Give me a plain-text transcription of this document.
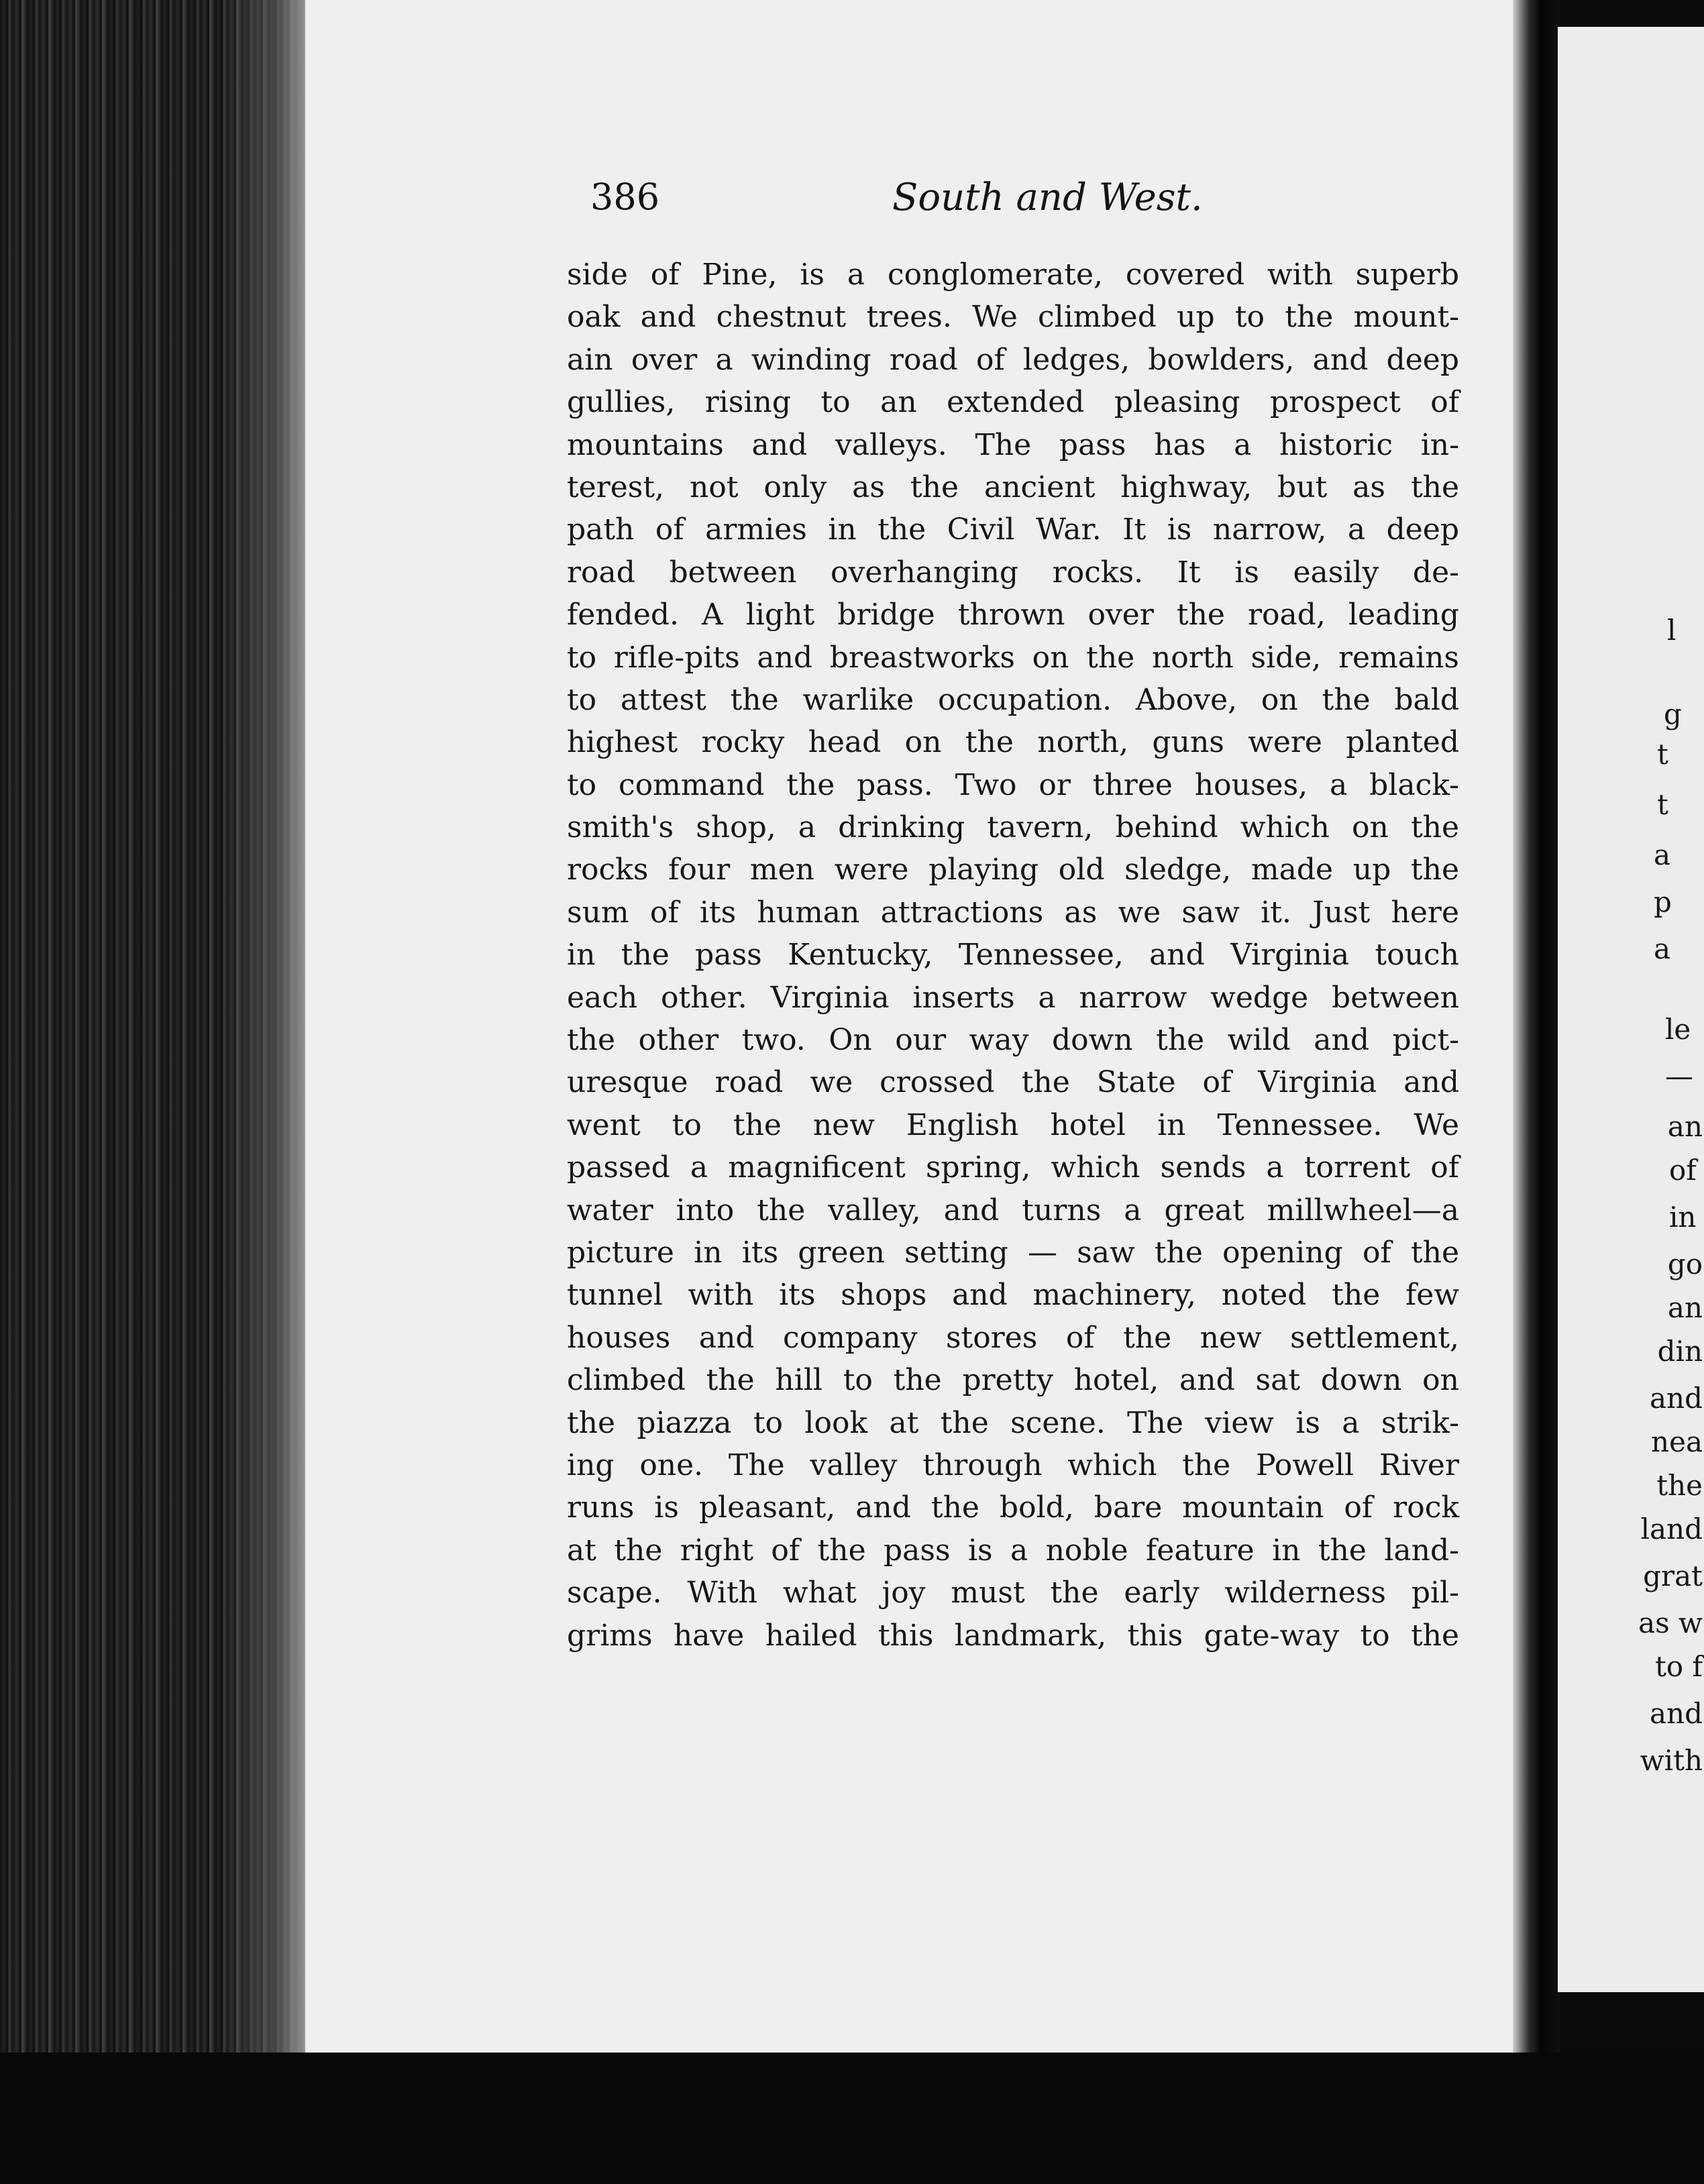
386	South and West.
side of Pine, is a conglomerate, covered with superb
oak and chestnut trees. We climbed up to the mount-
ain over a winding road of ledges, bowlders, and deep
gullies, rising to an extended pleasing prospect of
mountains and valleys. The pass has a historic in-
terest, not only as the ancient highway, but as the
path of armies in the Civil War. It is narrow, a deep
road between overhanging rocks. It is easily de-
fended. A light bridge thrown over the road, leading
to rifle-pits and breastworks on the north side, remains
to attest the warlike occupation. Above, on the bald
highest rocky head on the north, guns were planted
to command the pass. Two or three houses, a black-
smith's shop, a drinking tavern, behind which on the
rocks four men were playing old sledge, made up the
sum of its human attractions as we saw it. Just here
in the pass Kentucky, Tennessee, and Virginia touch
each other. Virginia inserts a narrow wedge between
the other two. On our way down the wild and pict-
uresque road we crossed the State of Virginia and
went to the new English hotel in Tennessee. We
passed a magnificent spring, which sends a torrent of
water into the valley, and turns a great millwheel—a
picture in its green setting — saw the opening of the
tunnel with its shops and machinery, noted the few
houses and company stores of the new settlement,
climbed the hill to the pretty hotel, and sat down on
the piazza to look at the scene. The view is a strik-
ing one. The valley through which the Powell River
runs is pleasant, and the bold, bare mountain of rock
at the right of the pass is a noble feature in the land-
scape. With what joy must the early wilderness pil-
grims have hailed this landmark, this gate-way to the
l
g
t
t
a
p
a
le
—
an
of
in
go
an
din
and
nea
the
land
grat
as w
to f
and
with
